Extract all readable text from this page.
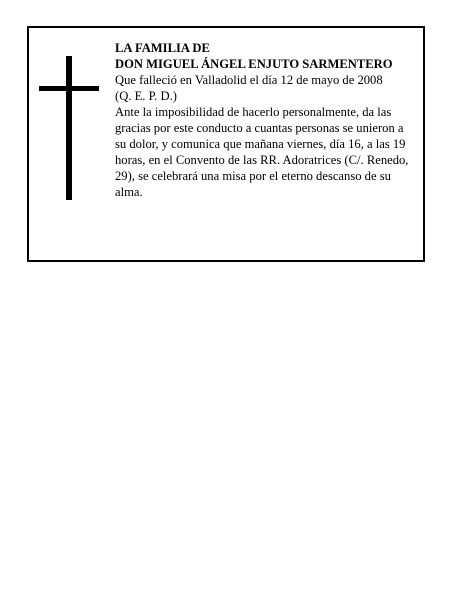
LA FAMILIA DE
DON MIGUEL ÁNGEL ENJUTO SARMENTERO
Que falleció en Valladolid el día 12 de mayo de 2008
(Q. E. P. D.)

Ante la imposibilidad de hacerlo personalmente, da las gracias por este conducto a cuantas personas se unieron a su dolor, y comunica que mañana viernes, día 16, a las 19 horas, en el Convento de las RR. Adoratrices (C/. Renedo, 29), se celebrará una misa por el eterno descanso de su alma.
